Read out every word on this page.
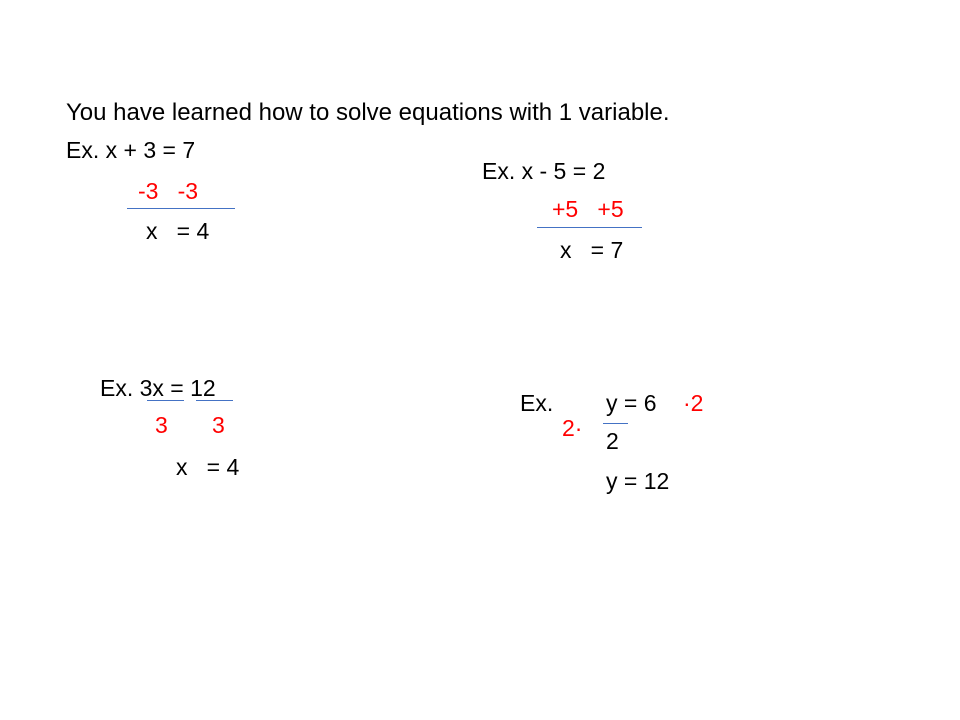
You have learned how to solve equations with 1 variable.
Ex. x + 3 = 7
-3   -3
x   = 4
Ex. x - 5 = 2
+5   +5
x   = 7
Ex. 3x = 12
3 3
x   = 4
Ex. y = 6 ·2
2· 2
y = 12
